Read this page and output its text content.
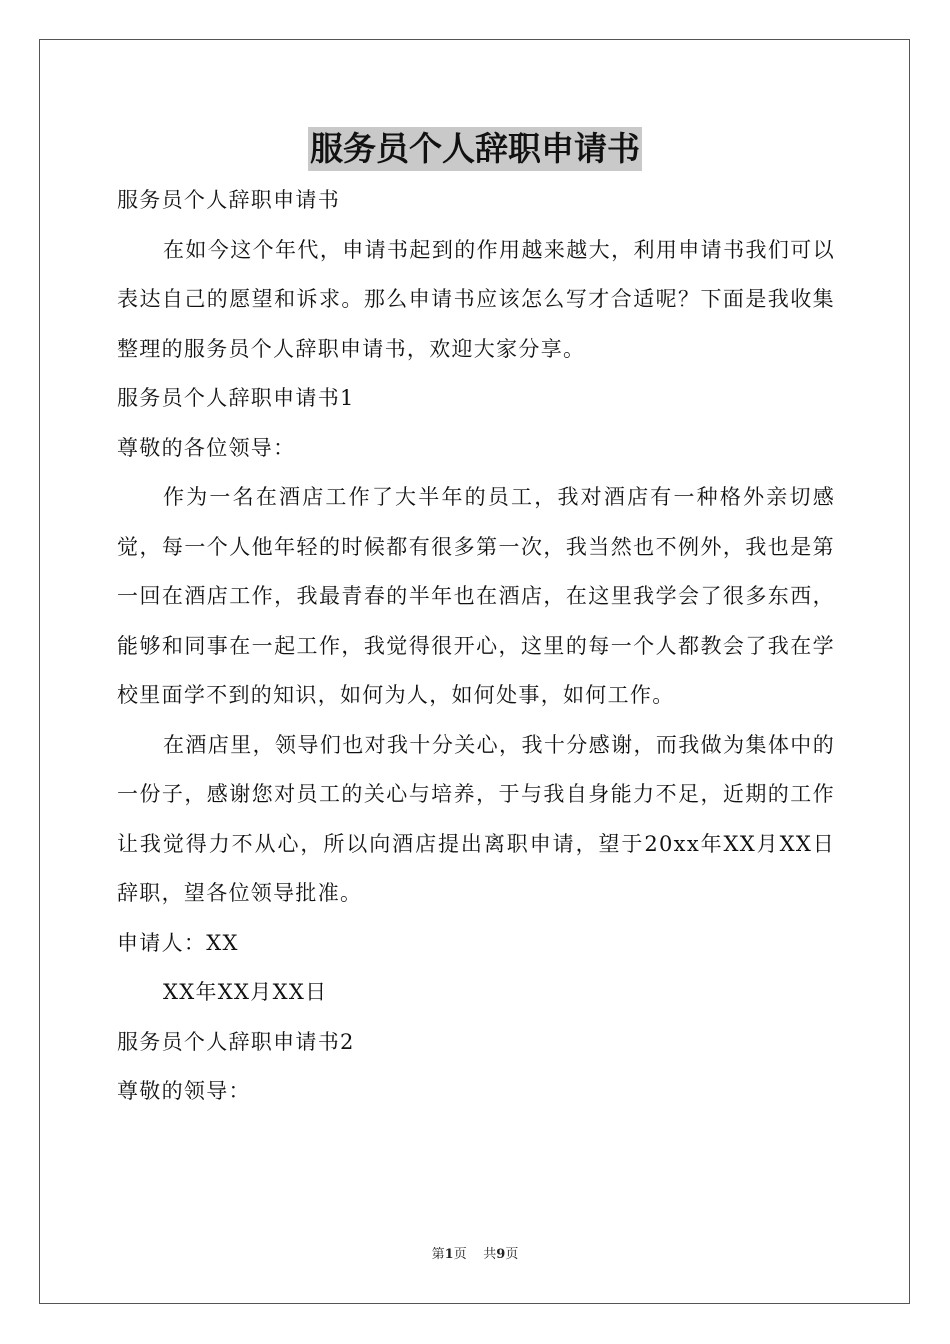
服务员个人辞职申请书

服务员个人辞职申请书

在如今这个年代，申请书起到的作用越来越大，利用申请书我们可以表达自己的愿望和诉求。那么申请书应该怎么写才合适呢？下面是我收集整理的服务员个人辞职申请书，欢迎大家分享。

服务员个人辞职申请书1

尊敬的各位领导：

作为一名在酒店工作了大半年的员工，我对酒店有一种格外亲切感觉，每一个人他年轻的时候都有很多第一次，我当然也不例外，我也是第一回在酒店工作，我最青春的半年也在酒店，在这里我学会了很多东西，能够和同事在一起工作，我觉得很开心，这里的每一个人都教会了我在学校里面学不到的知识，如何为人，如何处事，如何工作。

在酒店里，领导们也对我十分关心，我十分感谢，而我做为集体中的一份子，感谢您对员工的关心与培养，于与我自身能力不足，近期的工作让我觉得力不从心，所以向酒店提出离职申请，望于20xx年XX月XX日辞职，望各位领导批准。

申请人：XX

XX年XX月XX日

服务员个人辞职申请书2

尊敬的领导：

第1页 共9页
